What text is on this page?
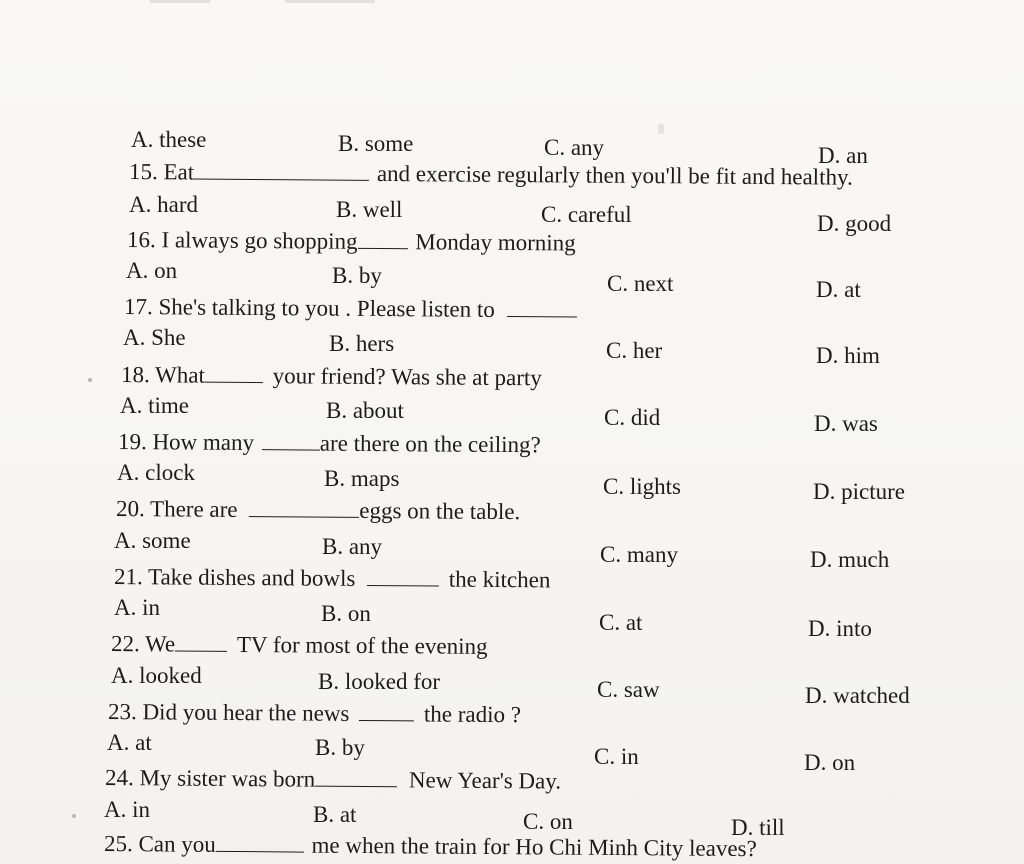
A. these	B. some	C. any	D. an
15. Eat	and exercise regularly then you'll be fit and healthy.
A. hard	B. well	C. careful	D. good
16. I always go shopping	Monday morning
A. on	B. by	C. next	D. at
17. She's talking to you . Please listen to
A. She	B. hers	C. her	D. him
18. What	your friend? Was she at party
A. time	B. about	C. did	D. was
19. How many	are there on the ceiling?
A. clock	B. maps	C. lights	D. picture
20. There are	eggs on the table.
A. some	B. any	C. many	D. much
21. Take dishes and bowls	the kitchen
A. in	B. on	C. at	D. into
22. We	TV for most of the evening
A. looked	B. looked for	C. saw	D. watched
23. Did you hear the news	the radio ?
A. at	B. by	C. in	D. on
24. My sister was born	New Year's Day.
A. in	B. at	C. on	D. till
25. Can you	me when the train for Ho Chi Minh City leaves?
